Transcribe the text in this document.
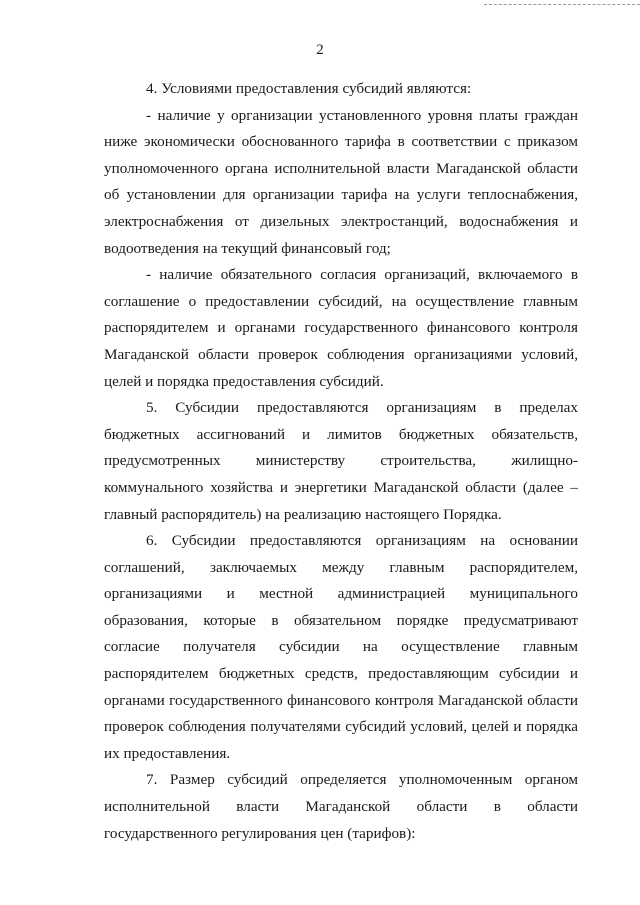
2

4. Условиями предоставления субсидий являются:

- наличие у организации установленного уровня платы граждан ниже экономически обоснованного тарифа в соответствии с приказом уполномоченного органа исполнительной власти Магаданской области об установлении для организации тарифа на услуги теплоснабжения, электроснабжения от дизельных электростанций, водоснабжения и водоотведения на текущий финансовый год;

- наличие обязательного согласия организаций, включаемого в соглашение о предоставлении субсидий, на осуществление главным распорядителем и органами государственного финансового контроля Магаданской области проверок соблюдения организациями условий, целей и порядка предоставления субсидий.

5. Субсидии предоставляются организациям в пределах бюджетных ассигнований и лимитов бюджетных обязательств, предусмотренных министерству строительства, жилищно-коммунального хозяйства и энергетики Магаданской области (далее – главный распорядитель) на реализацию настоящего Порядка.

6. Субсидии предоставляются организациям на основании соглашений, заключаемых между главным распорядителем, организациями и местной администрацией муниципального образования, которые в обязательном порядке предусматривают согласие получателя субсидии на осуществление главным распорядителем бюджетных средств, предоставляющим субсидии и органами государственного финансового контроля Магаданской области проверок соблюдения получателями субсидий условий, целей и порядка их предоставления.

7. Размер субсидий определяется уполномоченным органом исполнительной власти Магаданской области в области государственного регулирования цен (тарифов):
